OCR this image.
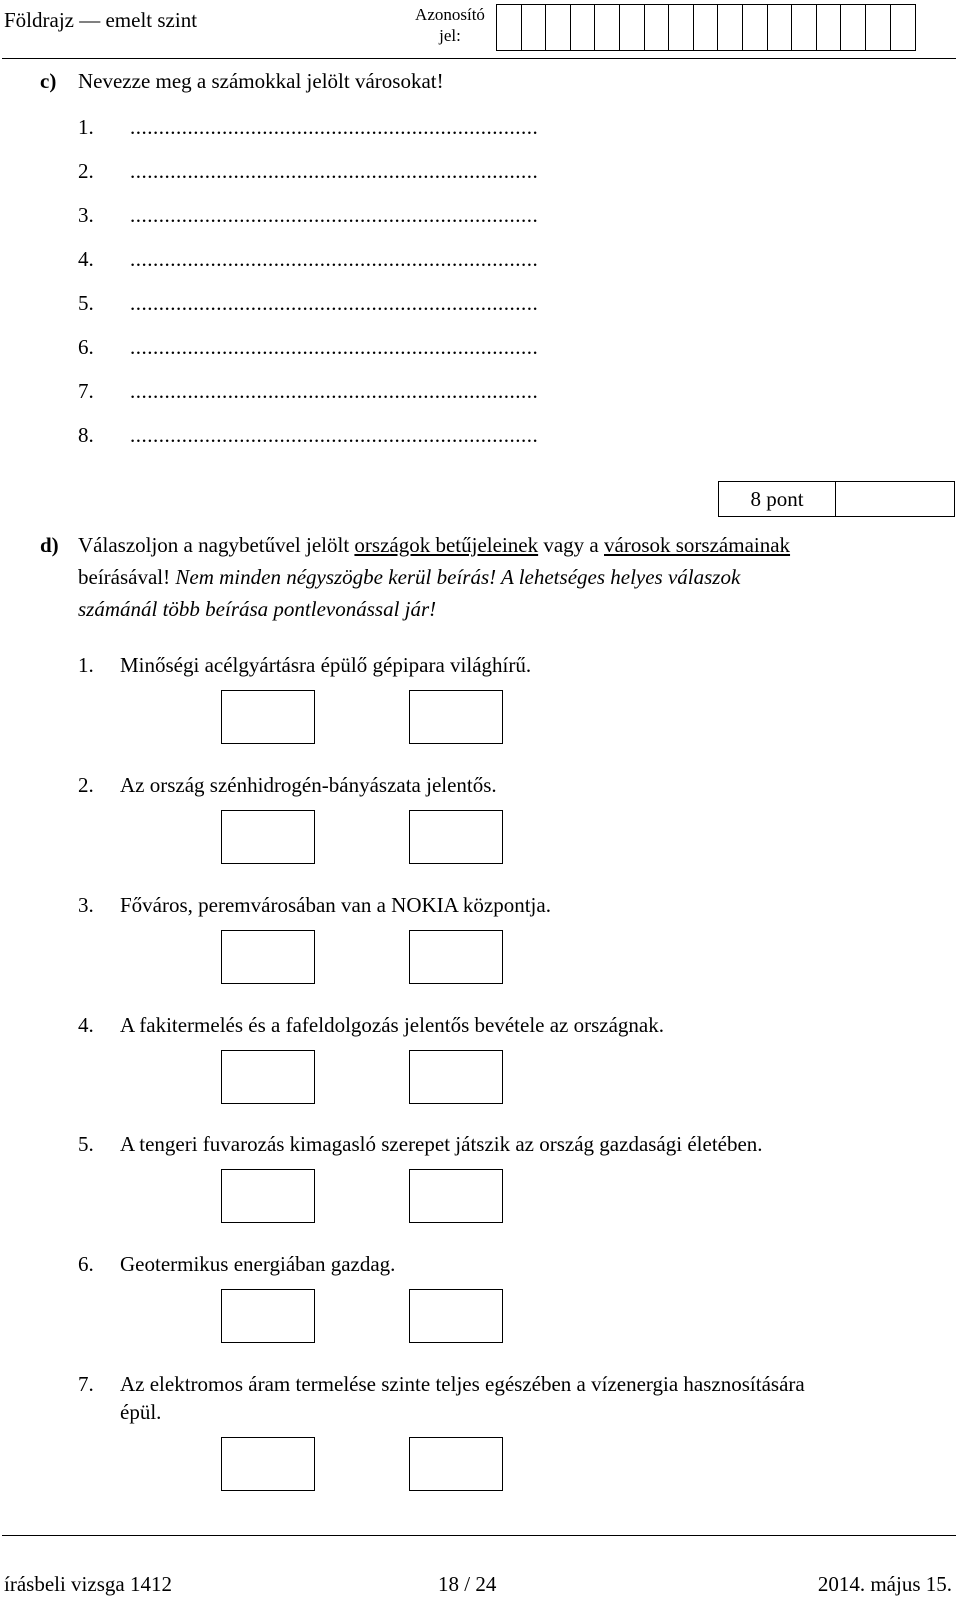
Földrajz — emelt szint	Azonosító jel:
c) Nevezze meg a számokkal jelölt városokat!
1. .......................................................................
2. .......................................................................
3. .......................................................................
4. .......................................................................
5. .......................................................................
6. .......................................................................
7. .......................................................................
8. .......................................................................
8 pont
d) Válaszoljon a nagybetűvel jelölt országok betűjeleinek vagy a városok sorszámainak
beírásával! Nem minden négyszögbe kerül beírás! A lehetséges helyes válaszok
számánál több beírása pontlevonással jár!
1. Minőségi acélgyártásra épülő gépipara világhírű.
2. Az ország szénhidrogén-bányászata jelentős.
3. Főváros, peremvárosában van a NOKIA központja.
4. A fakitermelés és a fafeldolgozás jelentős bevétele az országnak.
5. A tengeri fuvarozás kimagasló szerepet játszik az ország gazdasági életében.
6. Geotermikus energiában gazdag.
7. Az elektromos áram termelése szinte teljes egészében a vízenergia hasznosítására
épül.
írásbeli vizsga 1412	18 / 24	2014. május 15.
